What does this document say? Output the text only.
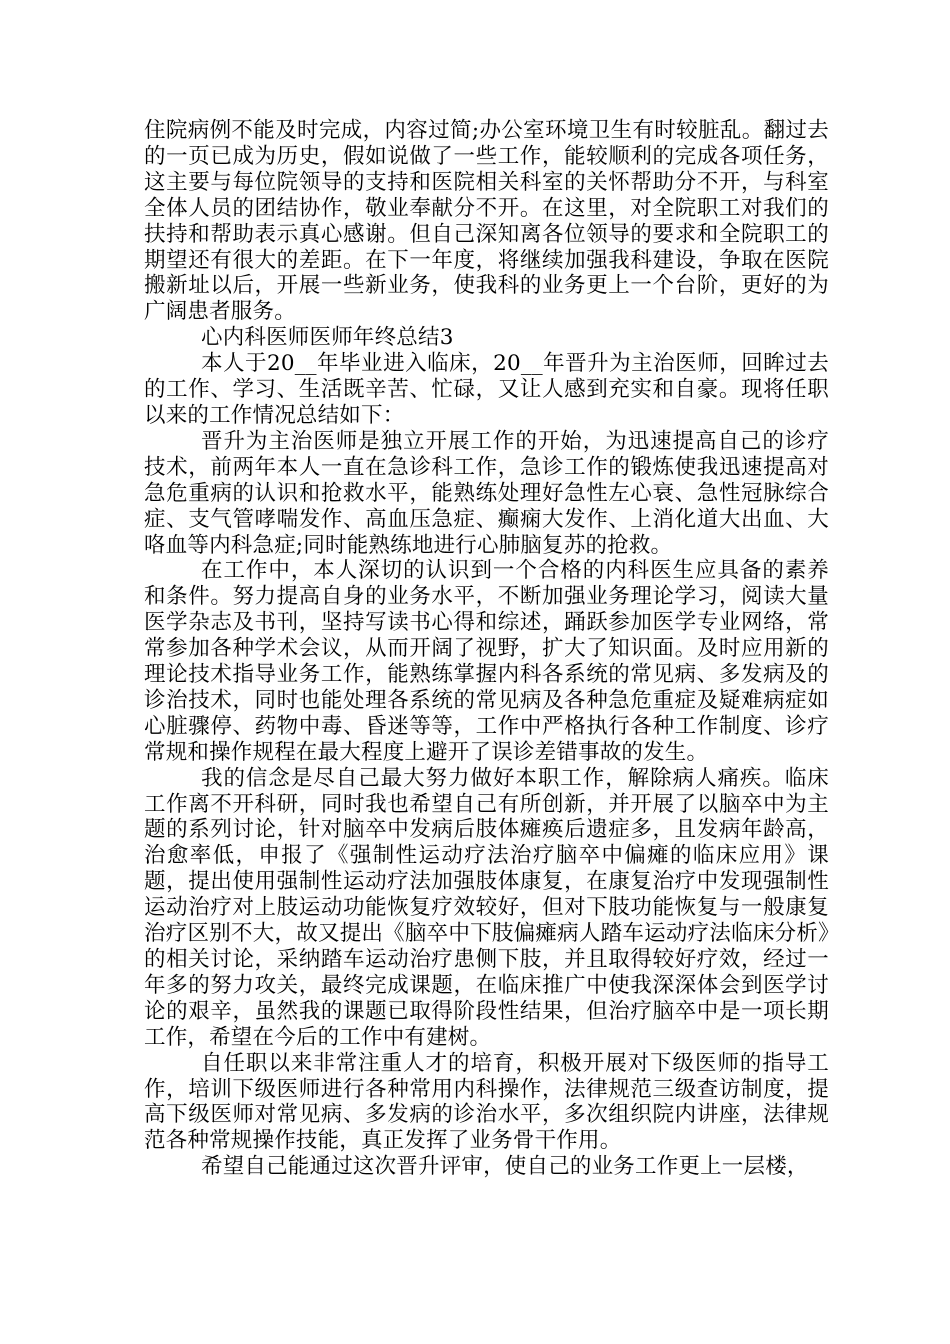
住院病例不能及时完成，内容过简;办公室环境卫生有时较脏乱。翻过去的一页已成为历史，假如说做了一些工作，能较顺利的完成各项任务，这主要与每位院领导的支持和医院相关科室的关怀帮助分不开，与科室全体人员的团结协作，敬业奉献分不开。在这里，对全院职工对我们的扶持和帮助表示真心感谢。但自己深知离各位领导的要求和全院职工的期望还有很大的差距。在下一年度，将继续加强我科建设，争取在医院搬新址以后，开展一些新业务，使我科的业务更上一个台阶，更好的为广阔患者服务。

心内科医师医师年终总结3

本人于20__年毕业进入临床，20__年晋升为主治医师，回眸过去的工作、学习、生活既辛苦、忙碌，又让人感到充实和自豪。现将任职以来的工作情况总结如下：

晋升为主治医师是独立开展工作的开始，为迅速提高自己的诊疗技术，前两年本人一直在急诊科工作，急诊工作的锻炼使我迅速提高对急危重病的认识和抢救水平，能熟练处理好急性左心衰、急性冠脉综合症、支气管哮喘发作、高血压急症、癫痫大发作、上消化道大出血、大咯血等内科急症;同时能熟练地进行心肺脑复苏的抢救。

在工作中，本人深切的认识到一个合格的内科医生应具备的素养和条件。努力提高自身的业务水平，不断加强业务理论学习，阅读大量医学杂志及书刊，坚持写读书心得和综述，踊跃参加医学专业网络，常常参加各种学术会议，从而开阔了视野，扩大了知识面。及时应用新的理论技术指导业务工作，能熟练掌握内科各系统的常见病、多发病及的诊治技术，同时也能处理各系统的常见病及各种急危重症及疑难病症如心脏骤停、药物中毒、昏迷等等，工作中严格执行各种工作制度、诊疗常规和操作规程在最大程度上避开了误诊差错事故的发生。

我的信念是尽自己最大努力做好本职工作，解除病人痛疾。临床工作离不开科研，同时我也希望自己有所创新，并开展了以脑卒中为主题的系列讨论，针对脑卒中发病后肢体瘫痪后遗症多，且发病年龄高，治愈率低，申报了《强制性运动疗法治疗脑卒中偏瘫的临床应用》课题，提出使用强制性运动疗法加强肢体康复，在康复治疗中发现强制性运动治疗对上肢运动功能恢复疗效较好，但对下肢功能恢复与一般康复治疗区别不大，故又提出《脑卒中下肢偏瘫病人踏车运动疗法临床分析》的相关讨论，采纳踏车运动治疗患侧下肢，并且取得较好疗效，经过一年多的努力攻关，最终完成课题，在临床推广中使我深深体会到医学讨论的艰辛，虽然我的课题已取得阶段性结果，但治疗脑卒中是一项长期工作，希望在今后的工作中有建树。

自任职以来非常注重人才的培育，积极开展对下级医师的指导工作，培训下级医师进行各种常用内科操作，法律规范三级查访制度，提高下级医师对常见病、多发病的诊治水平，多次组织院内讲座，法律规范各种常规操作技能，真正发挥了业务骨干作用。

希望自己能通过这次晋升评审，使自己的业务工作更上一层楼，
